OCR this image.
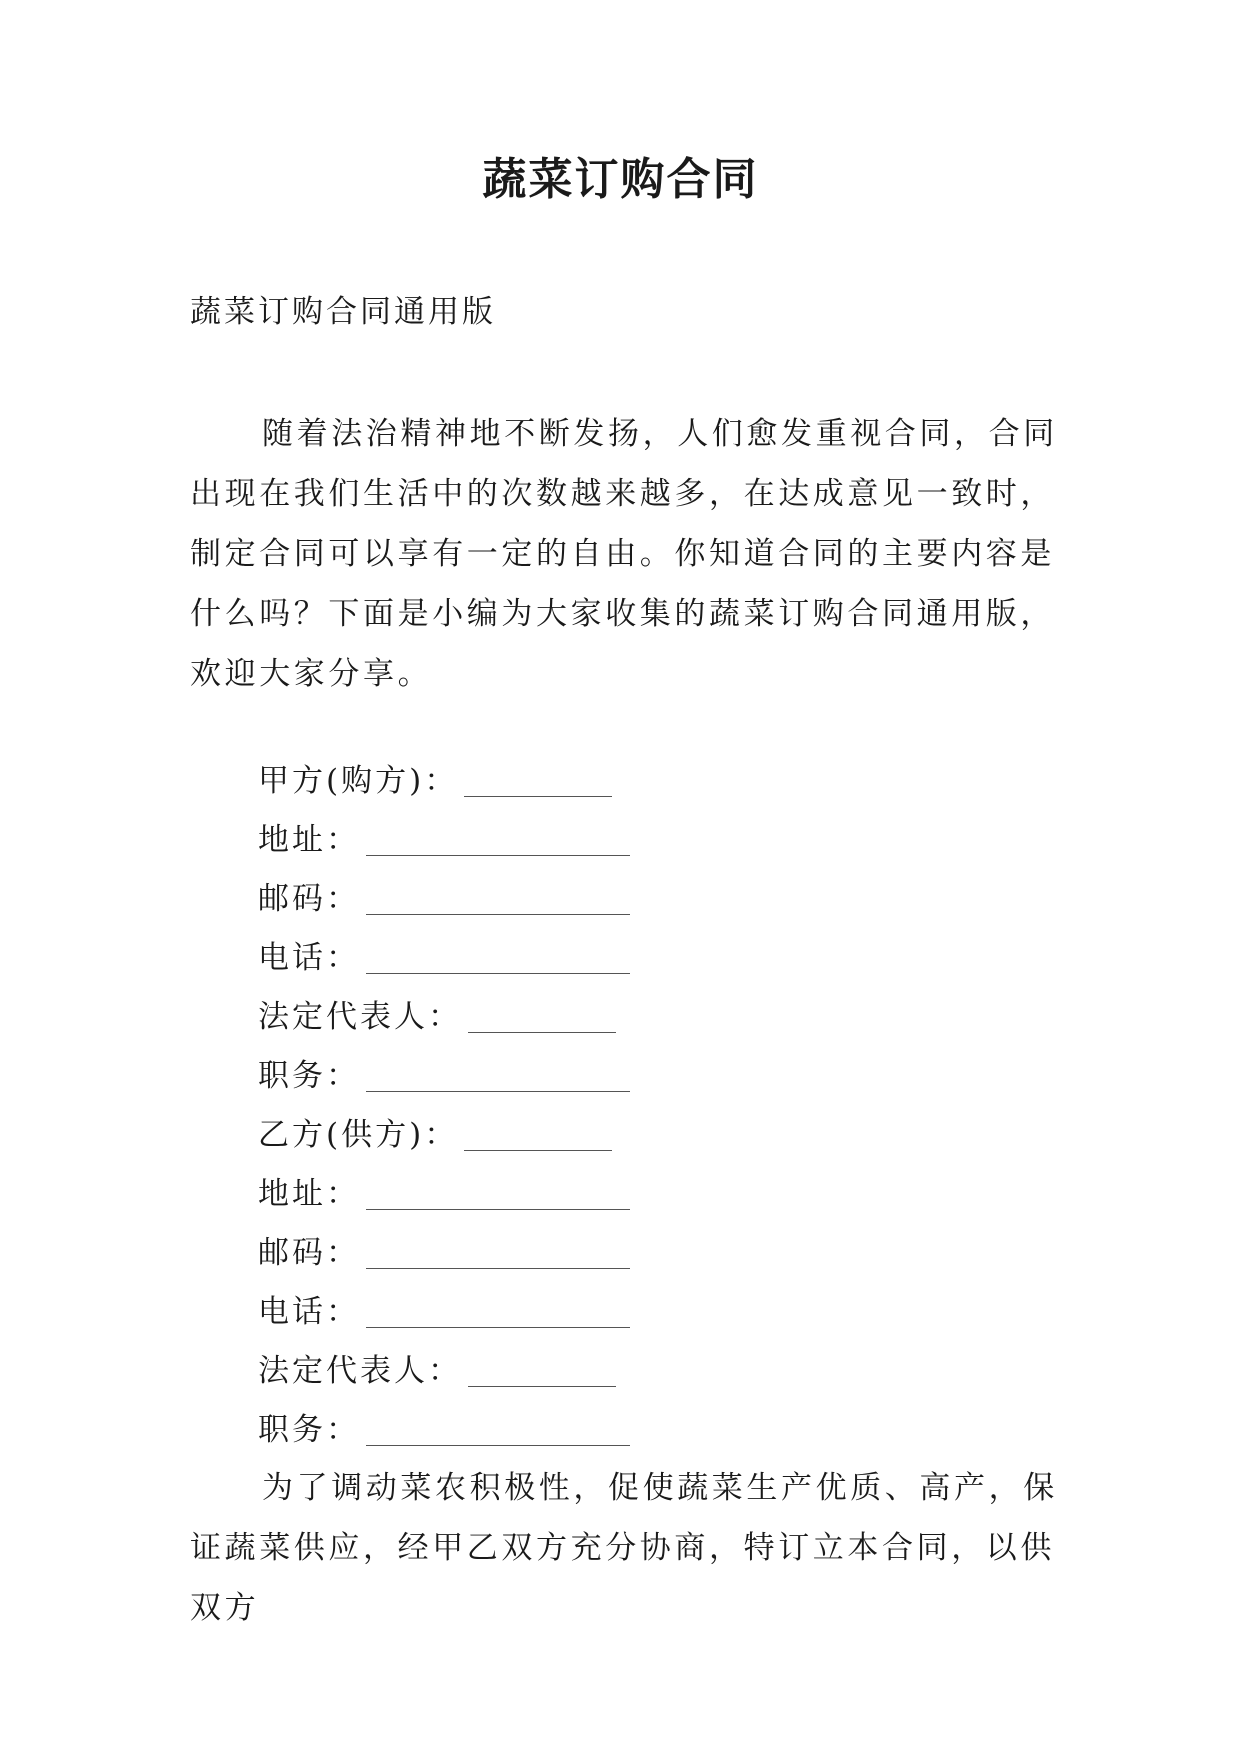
蔬菜订购合同

蔬菜订购合同通用版

随着法治精神地不断发扬，人们愈发重视合同，合同出现在我们生活中的次数越来越多，在达成意见一致时，制定合同可以享有一定的自由。你知道合同的主要内容是什么吗？下面是小编为大家收集的蔬菜订购合同通用版，欢迎大家分享。

甲方(购方)：
地址：
邮码：
电话：
法定代表人：
职务：
乙方(供方)：
地址：
邮码：
电话：
法定代表人：
职务：

为了调动菜农积极性，促使蔬菜生产优质、高产，保证蔬菜供应，经甲乙双方充分协商，特订立本合同，以供双方
